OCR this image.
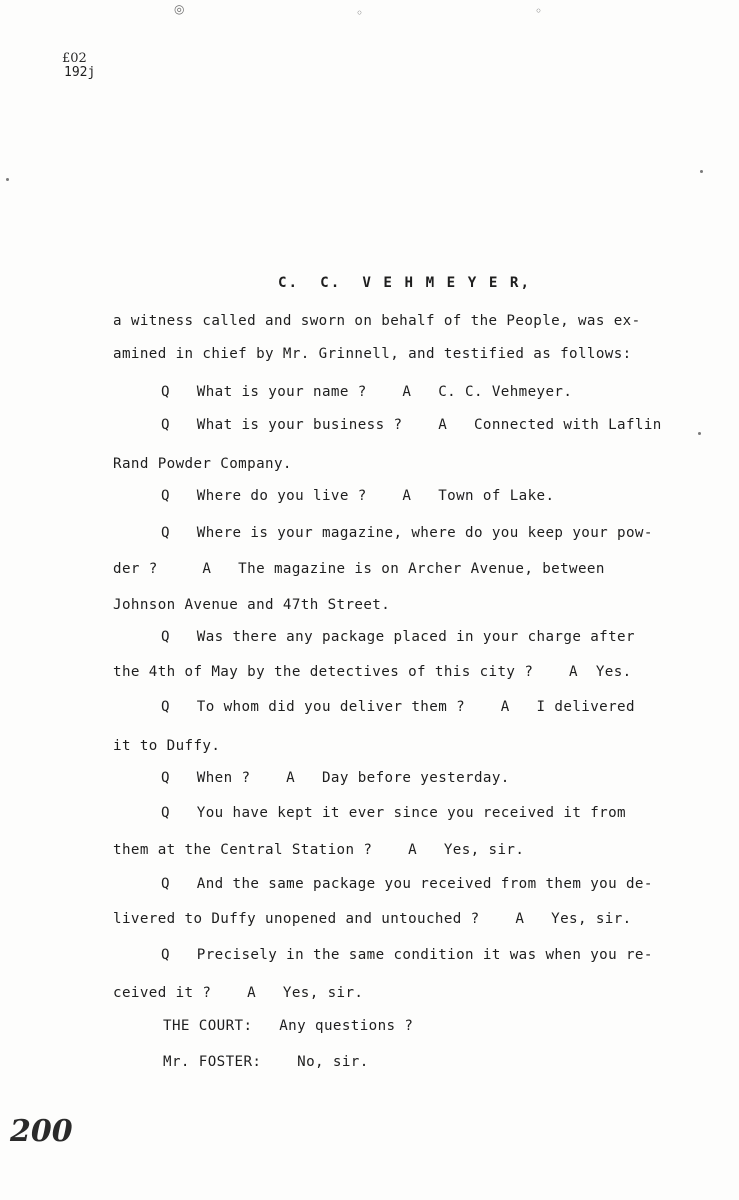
◎	◦	◦
£02
192j
C.  C.  V E H M E Y E R,
a witness called and sworn on behalf of the People, was ex-
amined in chief by Mr. Grinnell, and testified as follows:
Q   What is your name ?    A   C. C. Vehmeyer.
Q   What is your business ?    A   Connected with Laflin
Rand Powder Company.
Q   Where do you live ?    A   Town of Lake.
Q   Where is your magazine, where do you keep your pow-
der ?     A   The magazine is on Archer Avenue, between
Johnson Avenue and 47th Street.
Q   Was there any package placed in your charge after
the 4th of May by the detectives of this city ?    A  Yes.
Q   To whom did you deliver them ?    A   I delivered
it to Duffy.
Q   When ?    A   Day before yesterday.
Q   You have kept it ever since you received it from
them at the Central Station ?    A   Yes, sir.
Q   And the same package you received from them you de-
livered to Duffy unopened and untouched ?    A   Yes, sir.
Q   Precisely in the same condition it was when you re-
ceived it ?    A   Yes, sir.
THE COURT:   Any questions ?
Mr. FOSTER:    No, sir.
200
